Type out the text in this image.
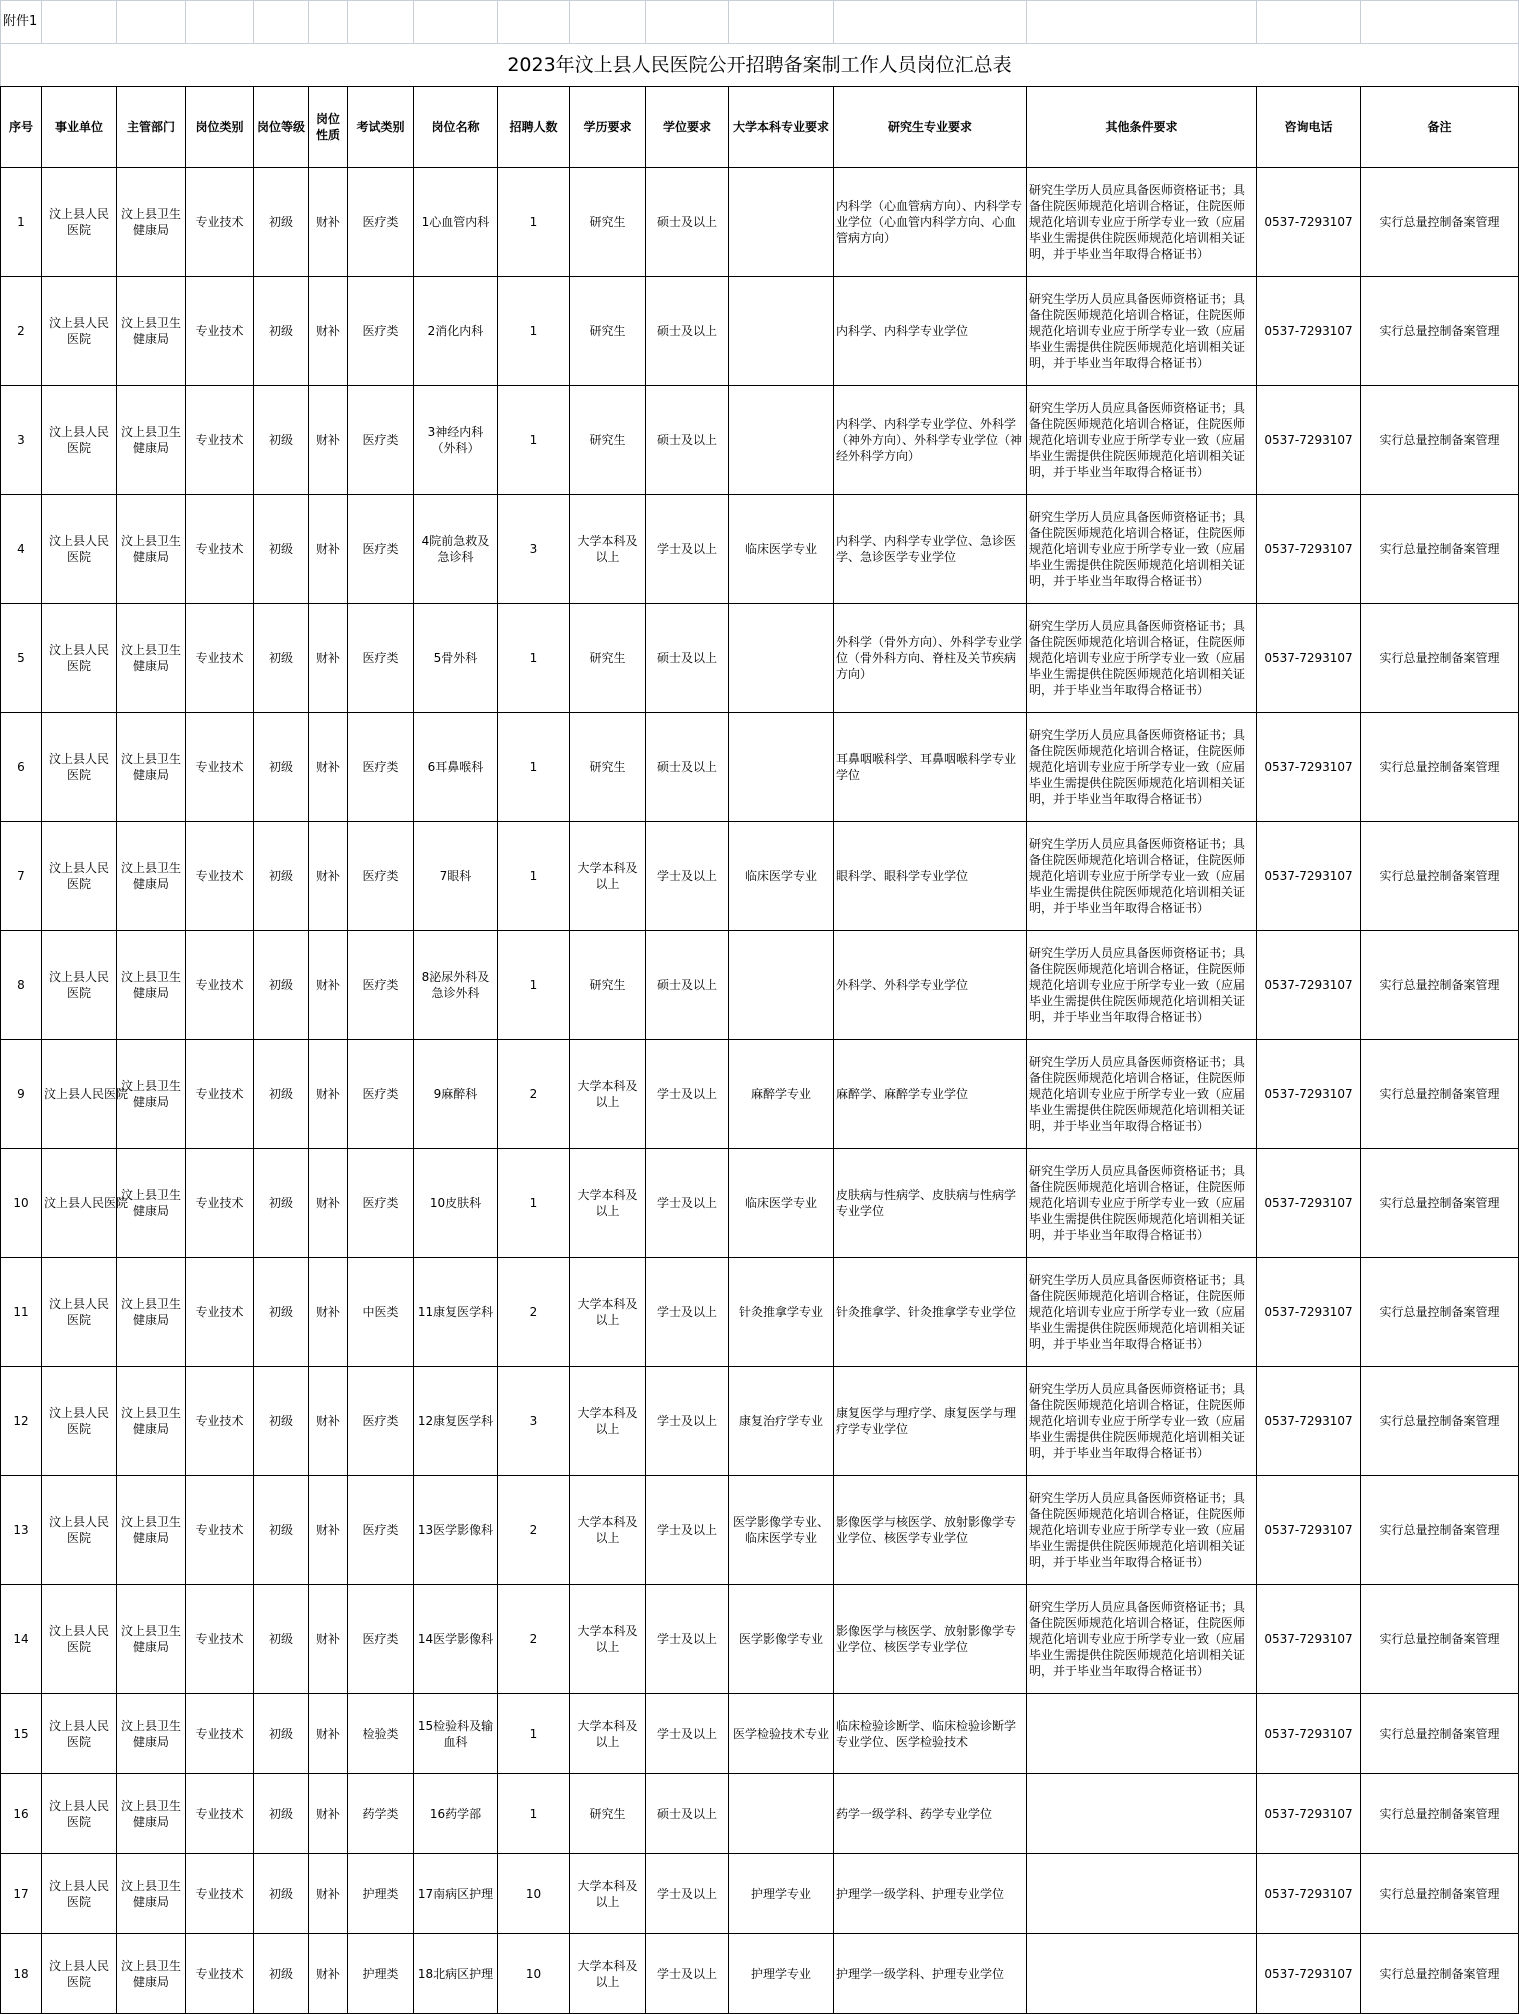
附件1															
2023年汶上县人民医院公开招聘备案制工作人员岗位汇总表															
序号	事业单位	主管部门	岗位类别	岗位等级	岗位性质	考试类别	岗位名称	招聘人数	学历要求	学位要求	大学本科专业要求	研究生专业要求	其他条件要求	咨询电话	备注
1	汶上县人民医院	汶上县卫生健康局	专业技术	初级	财补	医疗类	1心血管内科	1	研究生	硕士及以上		内科学（心血管病方向）、内科学专业学位（心血管内科学方向、心血管病方向）	研究生学历人员应具备医师资格证书；具备住院医师规范化培训合格证，住院医师规范化培训专业应于所学专业一致（应届毕业生需提供住院医师规范化培训相关证明，并于毕业当年取得合格证书）	0537-7293107	实行总量控制备案管理
2	汶上县人民医院	汶上县卫生健康局	专业技术	初级	财补	医疗类	2消化内科	1	研究生	硕士及以上		内科学、内科学专业学位	研究生学历人员应具备医师资格证书；具备住院医师规范化培训合格证，住院医师规范化培训专业应于所学专业一致（应届毕业生需提供住院医师规范化培训相关证明，并于毕业当年取得合格证书）	0537-7293107	实行总量控制备案管理
3	汶上县人民医院	汶上县卫生健康局	专业技术	初级	财补	医疗类	3神经内科（外科）	1	研究生	硕士及以上		内科学、内科学专业学位、外科学（神外方向）、外科学专业学位（神经外科学方向）	研究生学历人员应具备医师资格证书；具备住院医师规范化培训合格证，住院医师规范化培训专业应于所学专业一致（应届毕业生需提供住院医师规范化培训相关证明，并于毕业当年取得合格证书）	0537-7293107	实行总量控制备案管理
4	汶上县人民医院	汶上县卫生健康局	专业技术	初级	财补	医疗类	4院前急救及急诊科	3	大学本科及以上	学士及以上	临床医学专业	内科学、内科学专业学位、急诊医学、急诊医学专业学位	研究生学历人员应具备医师资格证书；具备住院医师规范化培训合格证，住院医师规范化培训专业应于所学专业一致（应届毕业生需提供住院医师规范化培训相关证明，并于毕业当年取得合格证书）	0537-7293107	实行总量控制备案管理
5	汶上县人民医院	汶上县卫生健康局	专业技术	初级	财补	医疗类	5骨外科	1	研究生	硕士及以上		外科学（骨外方向）、外科学专业学位（骨外科方向、脊柱及关节疾病方向）	研究生学历人员应具备医师资格证书；具备住院医师规范化培训合格证，住院医师规范化培训专业应于所学专业一致（应届毕业生需提供住院医师规范化培训相关证明，并于毕业当年取得合格证书）	0537-7293107	实行总量控制备案管理
6	汶上县人民医院	汶上县卫生健康局	专业技术	初级	财补	医疗类	6耳鼻喉科	1	研究生	硕士及以上		耳鼻咽喉科学、耳鼻咽喉科学专业学位	研究生学历人员应具备医师资格证书；具备住院医师规范化培训合格证，住院医师规范化培训专业应于所学专业一致（应届毕业生需提供住院医师规范化培训相关证明，并于毕业当年取得合格证书）	0537-7293107	实行总量控制备案管理
7	汶上县人民医院	汶上县卫生健康局	专业技术	初级	财补	医疗类	7眼科	1	大学本科及以上	学士及以上	临床医学专业	眼科学、眼科学专业学位	研究生学历人员应具备医师资格证书；具备住院医师规范化培训合格证，住院医师规范化培训专业应于所学专业一致（应届毕业生需提供住院医师规范化培训相关证明，并于毕业当年取得合格证书）	0537-7293107	实行总量控制备案管理
8	汶上县人民医院	汶上县卫生健康局	专业技术	初级	财补	医疗类	8泌尿外科及急诊外科	1	研究生	硕士及以上		外科学、外科学专业学位	研究生学历人员应具备医师资格证书；具备住院医师规范化培训合格证，住院医师规范化培训专业应于所学专业一致（应届毕业生需提供住院医师规范化培训相关证明，并于毕业当年取得合格证书）	0537-7293107	实行总量控制备案管理
9	汶上县人民医院	汶上县卫生健康局	专业技术	初级	财补	医疗类	9麻醉科	2	大学本科及以上	学士及以上	麻醉学专业	麻醉学、麻醉学专业学位	研究生学历人员应具备医师资格证书；具备住院医师规范化培训合格证，住院医师规范化培训专业应于所学专业一致（应届毕业生需提供住院医师规范化培训相关证明，并于毕业当年取得合格证书）	0537-7293107	实行总量控制备案管理
10	汶上县人民医院	汶上县卫生健康局	专业技术	初级	财补	医疗类	10皮肤科	1	大学本科及以上	学士及以上	临床医学专业	皮肤病与性病学、皮肤病与性病学专业学位	研究生学历人员应具备医师资格证书；具备住院医师规范化培训合格证，住院医师规范化培训专业应于所学专业一致（应届毕业生需提供住院医师规范化培训相关证明，并于毕业当年取得合格证书）	0537-7293107	实行总量控制备案管理
11	汶上县人民医院	汶上县卫生健康局	专业技术	初级	财补	中医类	11康复医学科	2	大学本科及以上	学士及以上	针灸推拿学专业	针灸推拿学、针灸推拿学专业学位	研究生学历人员应具备医师资格证书；具备住院医师规范化培训合格证，住院医师规范化培训专业应于所学专业一致（应届毕业生需提供住院医师规范化培训相关证明，并于毕业当年取得合格证书）	0537-7293107	实行总量控制备案管理
12	汶上县人民医院	汶上县卫生健康局	专业技术	初级	财补	医疗类	12康复医学科	3	大学本科及以上	学士及以上	康复治疗学专业	康复医学与理疗学、康复医学与理疗学专业学位	研究生学历人员应具备医师资格证书；具备住院医师规范化培训合格证，住院医师规范化培训专业应于所学专业一致（应届毕业生需提供住院医师规范化培训相关证明，并于毕业当年取得合格证书）	0537-7293107	实行总量控制备案管理
13	汶上县人民医院	汶上县卫生健康局	专业技术	初级	财补	医疗类	13医学影像科	2	大学本科及以上	学士及以上	医学影像学专业、临床医学专业	影像医学与核医学、放射影像学专业学位、核医学专业学位	研究生学历人员应具备医师资格证书；具备住院医师规范化培训合格证，住院医师规范化培训专业应于所学专业一致（应届毕业生需提供住院医师规范化培训相关证明，并于毕业当年取得合格证书）	0537-7293107	实行总量控制备案管理
14	汶上县人民医院	汶上县卫生健康局	专业技术	初级	财补	医疗类	14医学影像科	2	大学本科及以上	学士及以上	医学影像学专业	影像医学与核医学、放射影像学专业学位、核医学专业学位	研究生学历人员应具备医师资格证书；具备住院医师规范化培训合格证，住院医师规范化培训专业应于所学专业一致（应届毕业生需提供住院医师规范化培训相关证明，并于毕业当年取得合格证书）	0537-7293107	实行总量控制备案管理
15	汶上县人民医院	汶上县卫生健康局	专业技术	初级	财补	检验类	15检验科及输血科	1	大学本科及以上	学士及以上	医学检验技术专业	临床检验诊断学、临床检验诊断学专业学位、医学检验技术		0537-7293107	实行总量控制备案管理
16	汶上县人民医院	汶上县卫生健康局	专业技术	初级	财补	药学类	16药学部	1	研究生	硕士及以上		药学一级学科、药学专业学位		0537-7293107	实行总量控制备案管理
17	汶上县人民医院	汶上县卫生健康局	专业技术	初级	财补	护理类	17南病区护理	10	大学本科及以上	学士及以上	护理学专业	护理学一级学科、护理专业学位		0537-7293107	实行总量控制备案管理
18	汶上县人民医院	汶上县卫生健康局	专业技术	初级	财补	护理类	18北病区护理	10	大学本科及以上	学士及以上	护理学专业	护理学一级学科、护理专业学位		0537-7293107	实行总量控制备案管理
